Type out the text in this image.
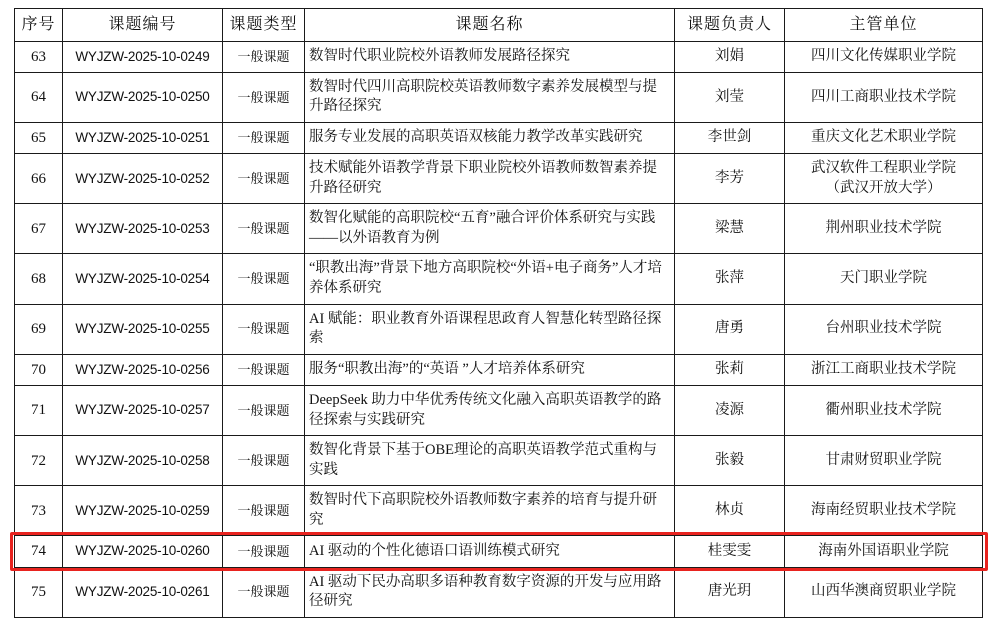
序号	课题编号	课题类型	课题名称	课题负责人	主管单位
63	WYJZW-2025-10-0249	一般课题	数智时代职业院校外语教师发展路径探究	刘娟	四川文化传媒职业学院
64	WYJZW-2025-10-0250	一般课题	数智时代四川高职院校英语教师数字素养发展模型与提升路径探究	刘莹	四川工商职业技术学院
65	WYJZW-2025-10-0251	一般课题	服务专业发展的高职英语双核能力教学改革实践研究	李世剑	重庆文化艺术职业学院
66	WYJZW-2025-10-0252	一般课题	技术赋能外语教学背景下职业院校外语教师数智素养提升路径研究	李芳	武汉软件工程职业学院
（武汉开放大学）

67	WYJZW-2025-10-0253	一般课题	数智化赋能的高职院校“五育”融合评价体系研究与实践——以外语教育为例	梁慧	荆州职业技术学院
68	WYJZW-2025-10-0254	一般课题	“职教出海”背景下地方高职院校“外语+电子商务”人才培养体系研究	张萍	天门职业学院
69	WYJZW-2025-10-0255	一般课题	AI 赋能：职业教育外语课程思政育人智慧化转型路径探索	唐勇	台州职业技术学院
70	WYJZW-2025-10-0256	一般课题	服务“职教出海”的“英语 ”人才培养体系研究	张莉	浙江工商职业技术学院
71	WYJZW-2025-10-0257	一般课题	DeepSeek 助力中华优秀传统文化融入高职英语教学的路径探索与实践研究	凌源	衢州职业技术学院
72	WYJZW-2025-10-0258	一般课题	数智化背景下基于OBE理论的高职英语教学范式重构与实践	张毅	甘肃财贸职业学院
73	WYJZW-2025-10-0259	一般课题	数智时代下高职院校外语教师数字素养的培育与提升研究	林贞	海南经贸职业技术学院
74	WYJZW-2025-10-0260	一般课题	AI 驱动的个性化德语口语训练模式研究	桂雯雯	海南外国语职业学院
75	WYJZW-2025-10-0261	一般课题	AI 驱动下民办高职多语种教育数字资源的开发与应用路径研究	唐光玥	山西华澳商贸职业学院
